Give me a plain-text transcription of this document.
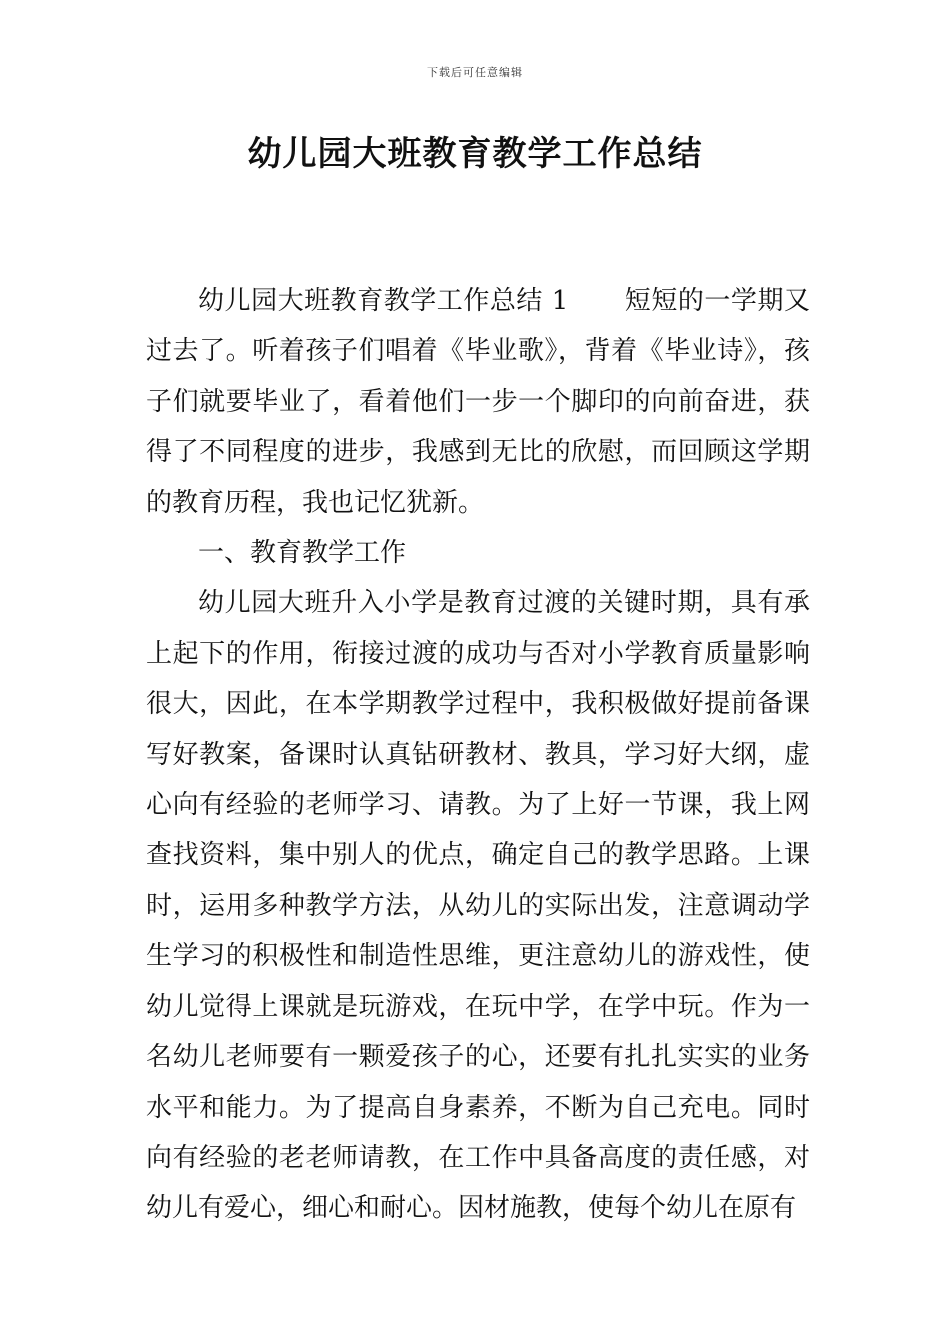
下载后可任意编辑
幼儿园大班教育教学工作总结

幼儿园大班教育教学工作总结 1 短短的一学期又过去了。听着孩子们唱着《毕业歌》，背着《毕业诗》，孩子们就要毕业了，看着他们一步一个脚印的向前奋进，获得了不同程度的进步，我感到无比的欣慰，而回顾这学期的教育历程，我也记忆犹新。

一、教育教学工作

幼儿园大班升入小学是教育过渡的关键时期，具有承上起下的作用，衔接过渡的成功与否对小学教育质量影响很大，因此，在本学期教学过程中，我积极做好提前备课写好教案，备课时认真钻研教材、教具，学习好大纲，虚心向有经验的老师学习、请教。为了上好一节课，我上网查找资料，集中别人的优点，确定自己的教学思路。上课时，运用多种教学方法，从幼儿的实际出发，注意调动学生学习的积极性和制造性思维，更注意幼儿的游戏性，使幼儿觉得上课就是玩游戏，在玩中学，在学中玩。作为一名幼儿老师要有一颗爱孩子的心，还要有扎扎实实的业务水平和能力。为了提高自身素养，不断为自己充电。同时向有经验的老老师请教，在工作中具备高度的责任感，对幼儿有爱心，细心和耐心。因材施教，使每个幼儿在原有
